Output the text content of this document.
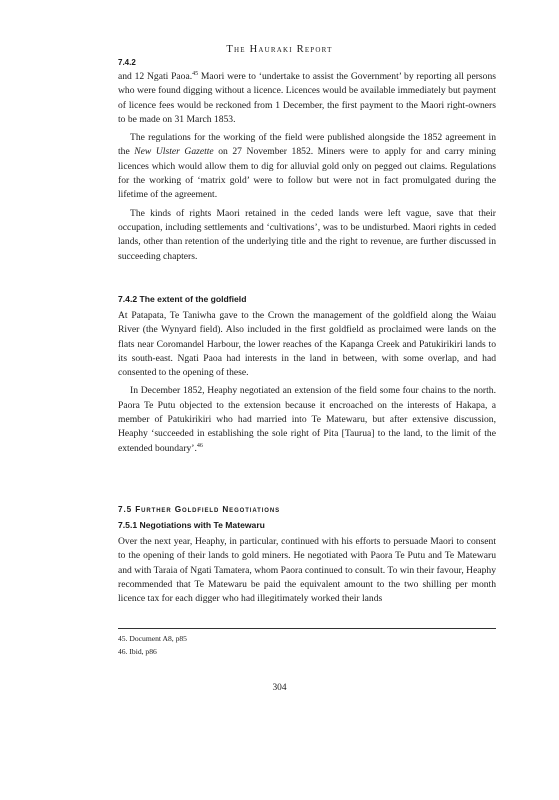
The Hauraki Report
7.4.2

and 12 Ngati Paoa.$^{45}$ Maori were to ‘undertake to assist the Government’ by reporting all persons who were found digging without a licence. Licences would be available immediately but payment of licence fees would be reckoned from 1 December, the first payment to the Maori right-owners to be made on 31 March 1853.

The regulations for the working of the field were published alongside the 1852 agreement in the New Ulster Gazette on 27 November 1852. Miners were to apply for and carry mining licences which would allow them to dig for alluvial gold only on pegged out claims. Regulations for the working of ‘matrix gold’ were to follow but were not in fact promulgated during the lifetime of the agreement.

The kinds of rights Maori retained in the ceded lands were left vague, save that their occupation, including settlements and ‘cultivations’, was to be undisturbed. Maori rights in ceded lands, other than retention of the underlying title and the right to revenue, are further discussed in succeeding chapters.

7.4.2 The extent of the goldfield

At Patapata, Te Taniwha gave to the Crown the management of the goldfield along the Waiau River (the Wynyard field). Also included in the first goldfield as proclaimed were lands on the flats near Coromandel Harbour, the lower reaches of the Kapanga Creek and Patukirikiri lands to its south-east. Ngati Paoa had interests in the land in between, with some overlap, and had consented to the opening of these.

In December 1852, Heaphy negotiated an extension of the field some four chains to the north. Paora Te Putu objected to the extension because it encroached on the interests of Hakapa, a member of Patukirikiri who had married into Te Matewaru, but after extensive discussion, Heaphy ‘succeeded in establishing the sole right of Pita [Taurua] to the land, to the limit of the extended boundary’.$^{46}$

7.5 Further Goldfield Negotiations
7.5.1 Negotiations with Te Matewaru

Over the next year, Heaphy, in particular, continued with his efforts to persuade Maori to consent to the opening of their lands to gold miners. He negotiated with Paora Te Putu and Te Matewaru and with Taraia of Ngati Tamatera, whom Paora continued to consult. To win their favour, Heaphy recommended that Te Matewaru be paid the equivalent amount to the two shilling per month licence tax for each digger who had illegitimately worked their lands

45. Document A8, p85
46. Ibid, p86
304
